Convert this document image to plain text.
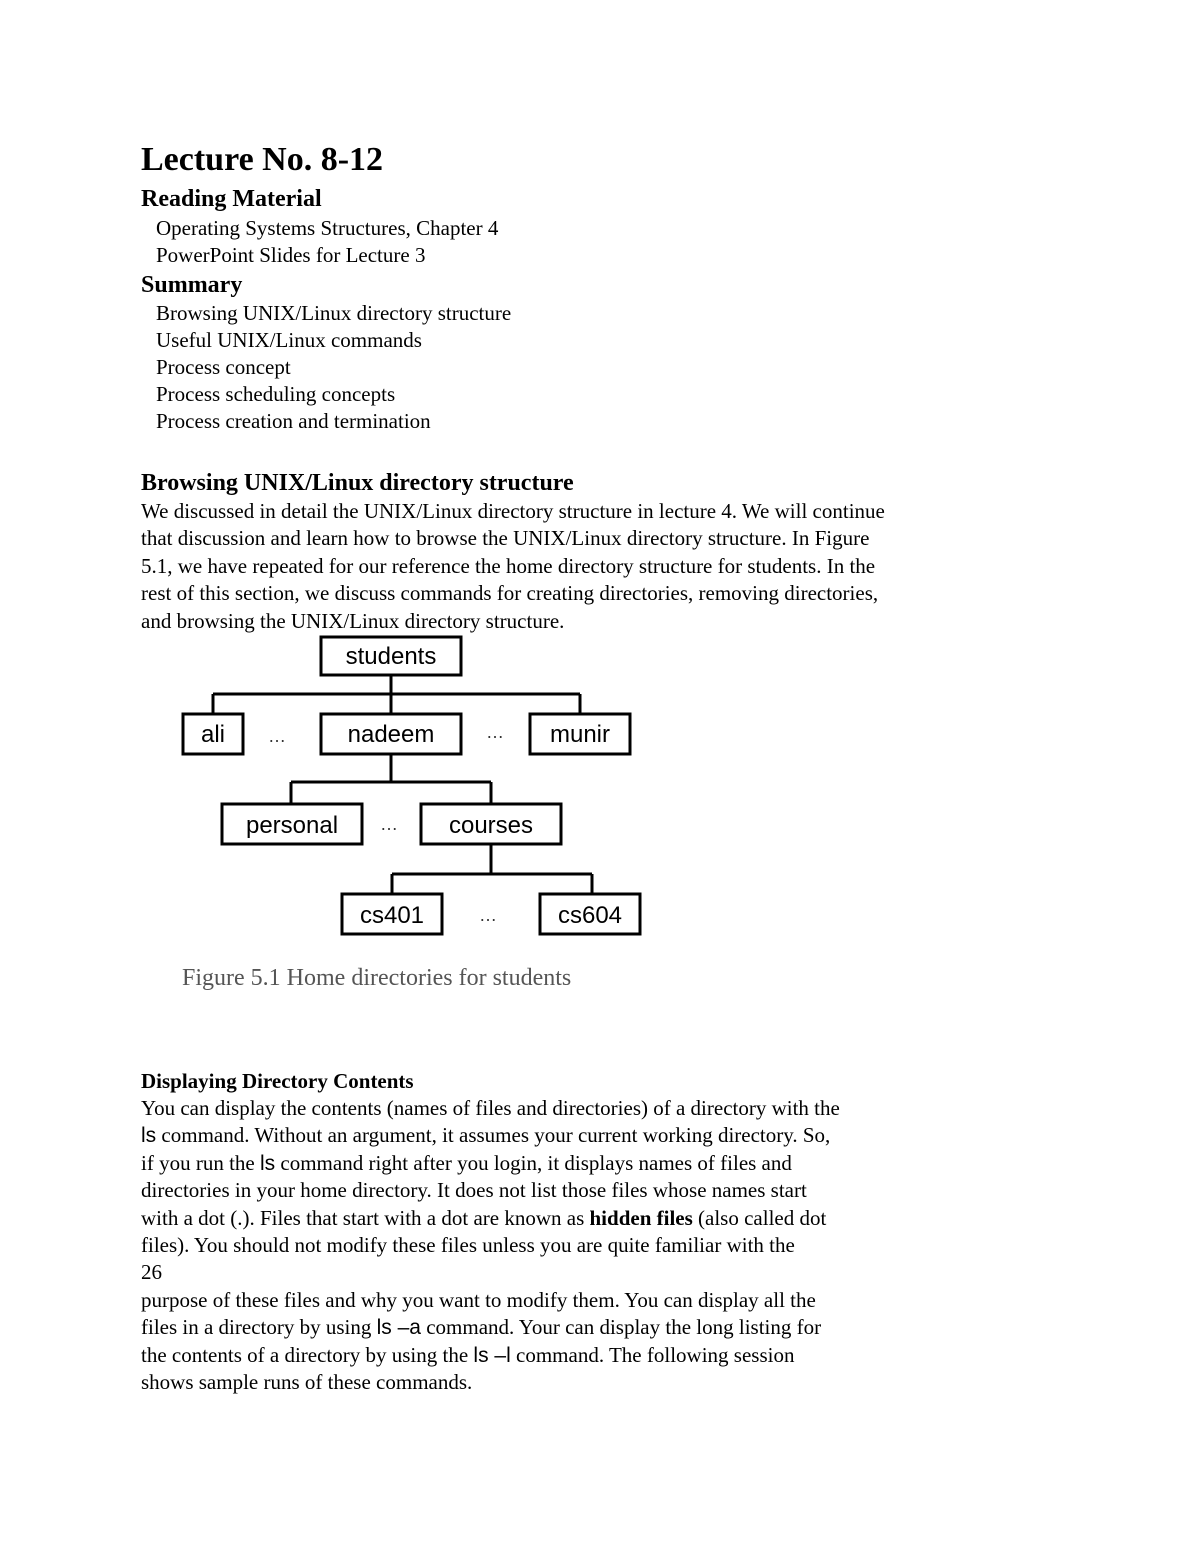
Lecture No. 8-12
Reading Material
Operating Systems Structures, Chapter 4
PowerPoint Slides for Lecture 3
Summary
Browsing UNIX/Linux directory structure
Useful UNIX/Linux commands
Process concept
Process scheduling concepts
Process creation and termination
Browsing UNIX/Linux directory structure
We discussed in detail the UNIX/Linux directory structure in lecture 4. We will continue
that discussion and learn how to browse the UNIX/Linux directory structure. In Figure
5.1, we have repeated for our reference the home directory structure for students. In the
rest of this section, we discuss commands for creating directories, removing directories,
and browsing the UNIX/Linux directory structure.
students
ali …	nadeem	… munir
personal … courses
cs401	…	cs604

Figure 5.1 Home directories for students

Displaying Directory Contents
You can display the contents (names of files and directories) of a directory with the
ls command. Without an argument, it assumes your current working directory. So,
if you run the ls command right after you login, it displays names of files and
directories in your home directory. It does not list those files whose names start
with a dot (.). Files that start with a dot are known as hidden files (also called dot
files). You should not modify these files unless you are quite familiar with the
26
purpose of these files and why you want to modify them. You can display all the
files in a directory by using ls –a command. Your can display the long listing for
the contents of a directory by using the ls –l command. The following session
shows sample runs of these commands.
